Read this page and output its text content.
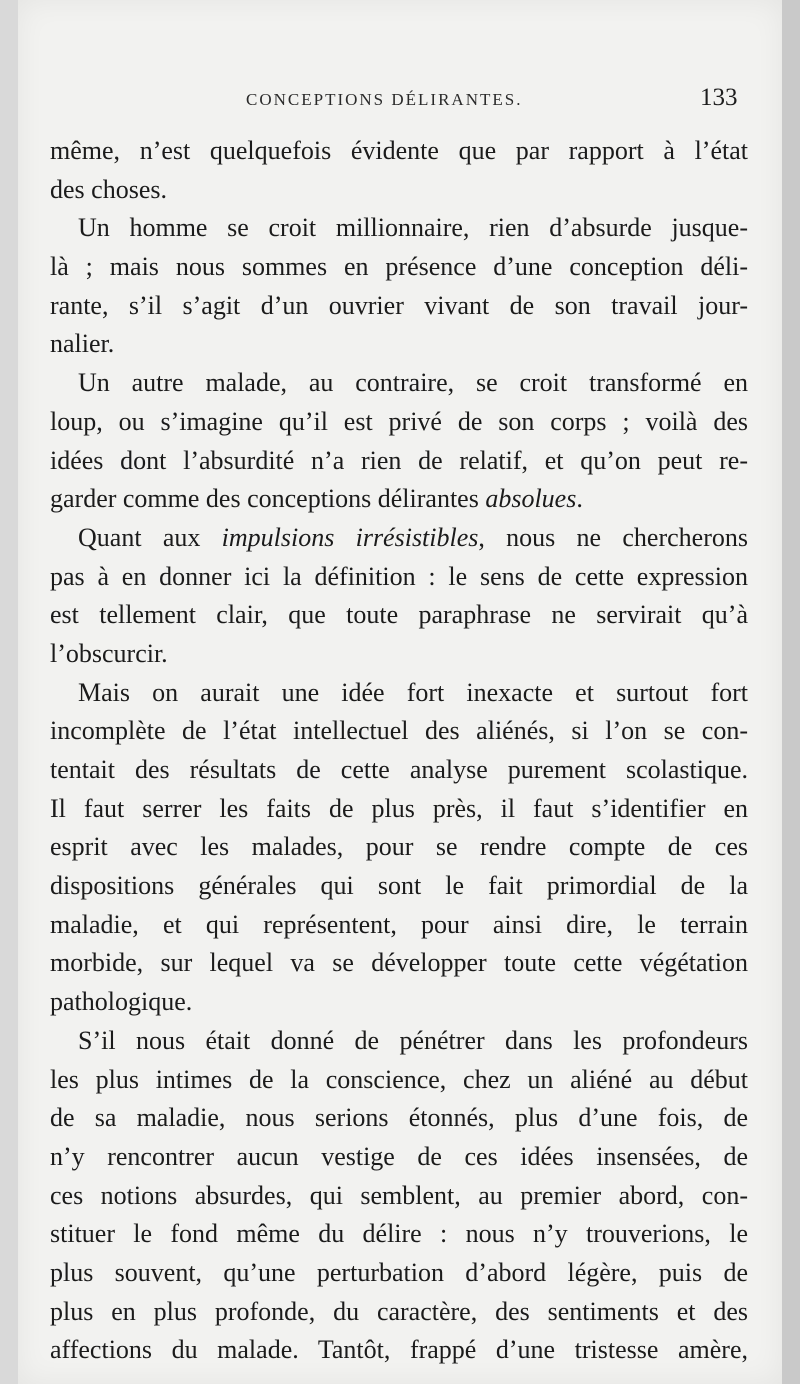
CONCEPTIONS DÉLIRANTES.	133
même, n’est quelquefois évidente que par rapport à l’état
des choses.
Un homme se croit millionnaire, rien d’absurde jusque-
là ; mais nous sommes en présence d’une conception déli-
rante, s’il s’agit d’un ouvrier vivant de son travail jour-
nalier.
Un autre malade, au contraire, se croit transformé en
loup, ou s’imagine qu’il est privé de son corps ; voilà des
idées dont l’absurdité n’a rien de relatif, et qu’on peut re-
garder comme des conceptions délirantes absolues.
Quant aux impulsions irrésistibles, nous ne chercherons
pas à en donner ici la définition : le sens de cette expression
est tellement clair, que toute paraphrase ne servirait qu’à
l’obscurcir.
Mais on aurait une idée fort inexacte et surtout fort
incomplète de l’état intellectuel des aliénés, si l’on se con-
tentait des résultats de cette analyse purement scolastique.
Il faut serrer les faits de plus près, il faut s’identifier en
esprit avec les malades, pour se rendre compte de ces
dispositions générales qui sont le fait primordial de la
maladie, et qui représentent, pour ainsi dire, le terrain
morbide, sur lequel va se développer toute cette végétation
pathologique.
S’il nous était donné de pénétrer dans les profondeurs
les plus intimes de la conscience, chez un aliéné au début
de sa maladie, nous serions étonnés, plus d’une fois, de
n’y rencontrer aucun vestige de ces idées insensées, de
ces notions absurdes, qui semblent, au premier abord, con-
stituer le fond même du délire : nous n’y trouverions, le
plus souvent, qu’une perturbation d’abord légère, puis de
plus en plus profonde, du caractère, des sentiments et des
affections du malade. Tantôt, frappé d’une tristesse amère,
